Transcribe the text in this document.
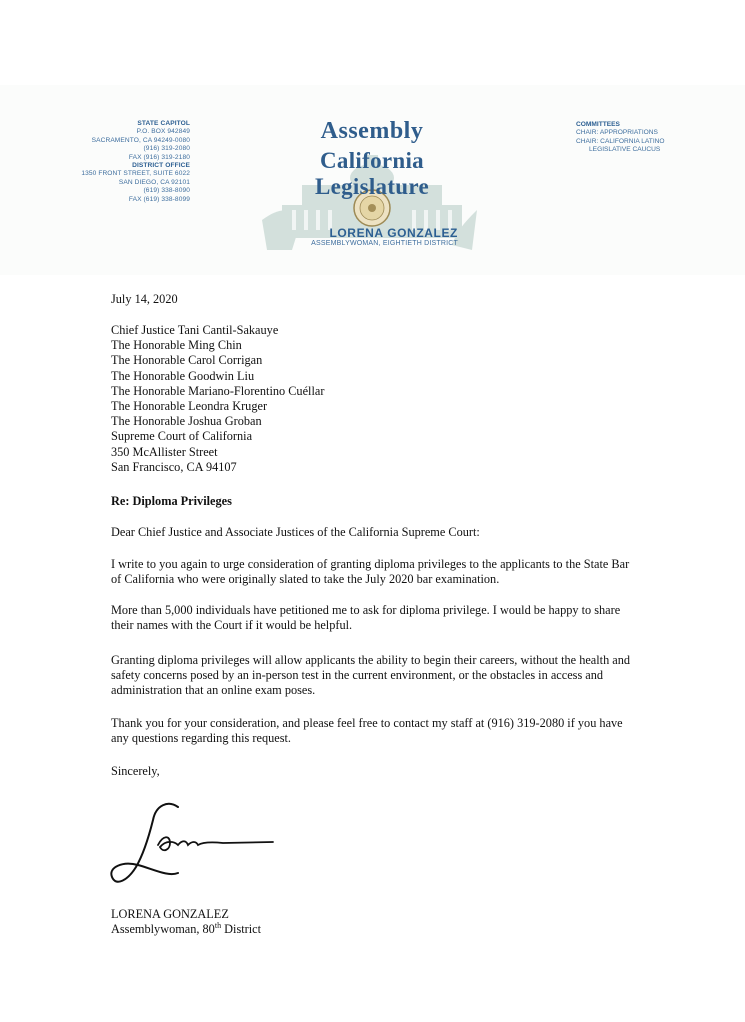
STATE CAPITOL
P.O. BOX 942849
SACRAMENTO, CA 94249-0080
(916) 319-2080
FAX (916) 319-2180
DISTRICT OFFICE
1350 FRONT STREET, SUITE 6022
SAN DIEGO, CA 92101
(619) 338-8090
FAX (619) 338-8099
Assembly
California Legislature
LORENA GONZALEZ
ASSEMBLYWOMAN, EIGHTIETH DISTRICT
COMMITTEES
CHAIR: APPROPRIATIONS
CHAIR: CALIFORNIA LATINO
LEGISLATIVE CAUCUS
July 14, 2020
Chief Justice Tani Cantil-Sakauye
The Honorable Ming Chin
The Honorable Carol Corrigan
The Honorable Goodwin Liu
The Honorable Mariano-Florentino Cuéllar
The Honorable Leondra Kruger
The Honorable Joshua Groban
Supreme Court of California
350 McAllister Street
San Francisco, CA 94107
Re: Diploma Privileges
Dear Chief Justice and Associate Justices of the California Supreme Court:
I write to you again to urge consideration of granting diploma privileges to the applicants to the State Bar of California who were originally slated to take the July 2020 bar examination.
More than 5,000 individuals have petitioned me to ask for diploma privilege. I would be happy to share their names with the Court if it would be helpful.
Granting diploma privileges will allow applicants the ability to begin their careers, without the health and safety concerns posed by an in-person test in the current environment, or the obstacles in access and administration that an online exam poses.
Thank you for your consideration, and please feel free to contact my staff at (916) 319-2080 if you have any questions regarding this request.
Sincerely,
LORENA GONZALEZ
Assemblywoman, 80th District
